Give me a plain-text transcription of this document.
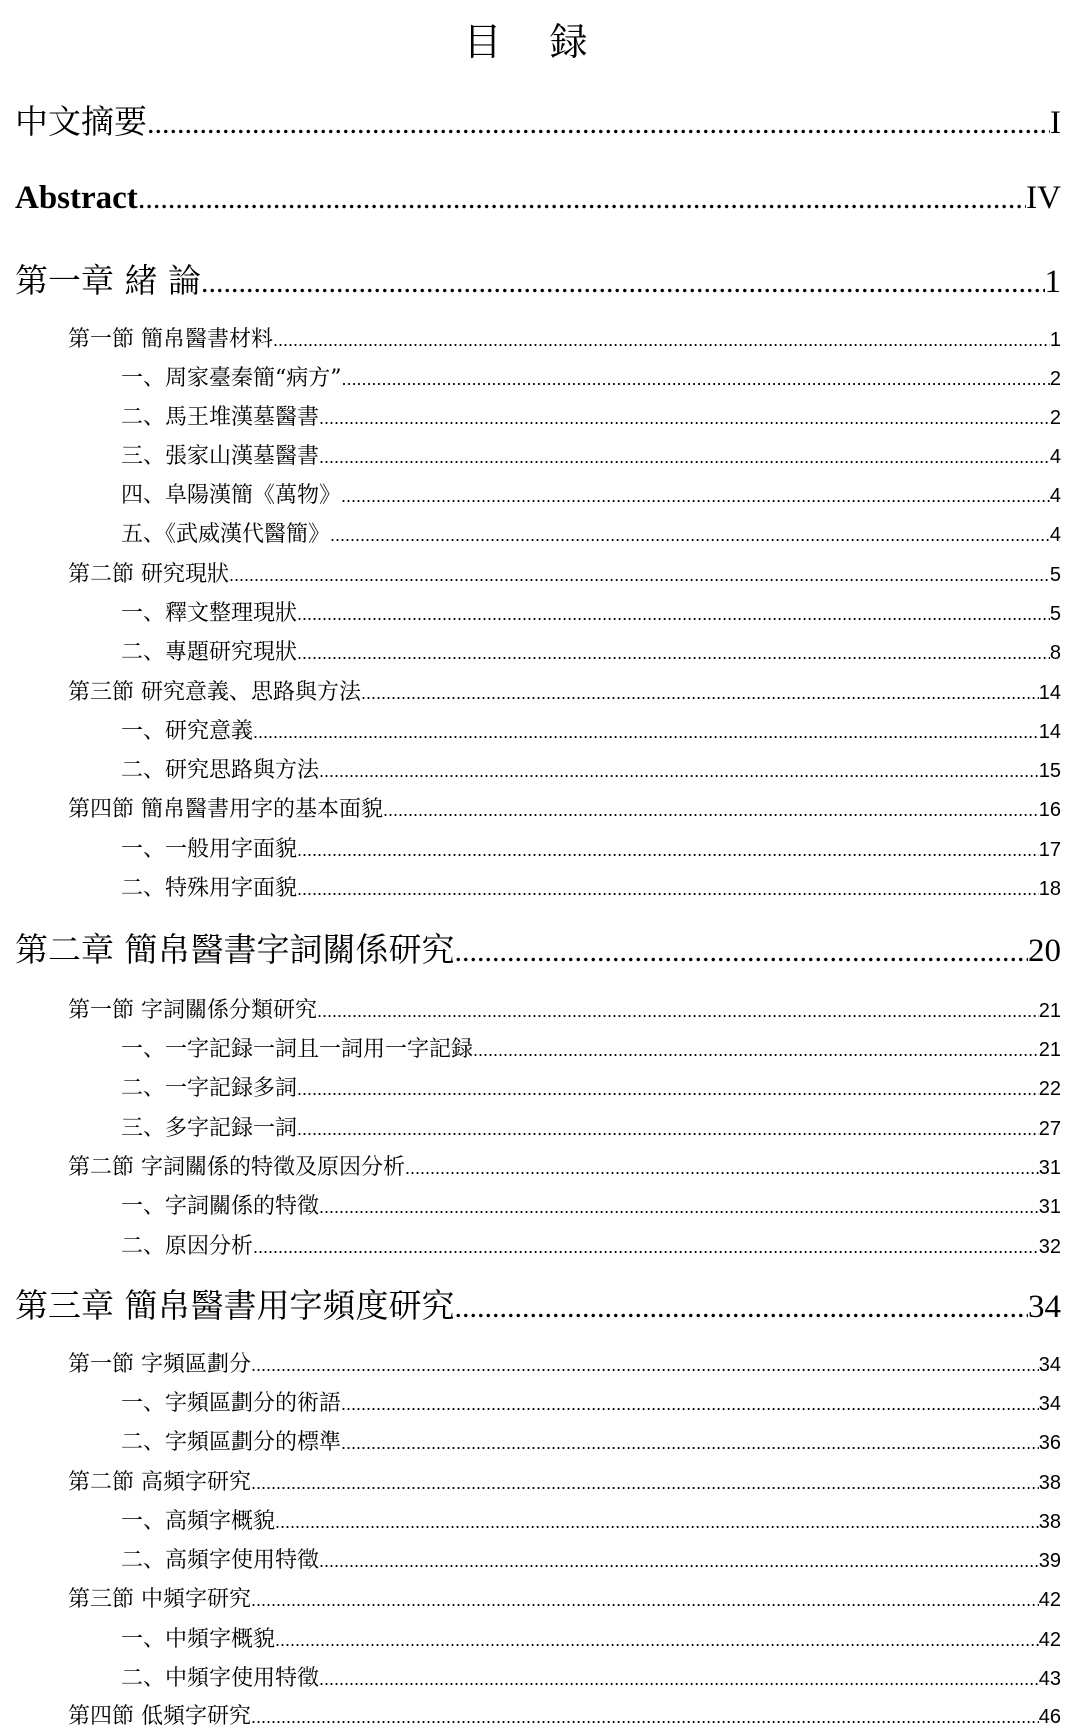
目 録
中文摘要 .....	I
Abstract .....	IV
第一章 緒 論 .....	1
第一節 簡帛醫書材料 .....	1
一、周家臺秦簡“病方” .....	2
二、馬王堆漢墓醫書 .....	2
三、張家山漢墓醫書 .....	4
四、阜陽漢簡《萬物》 .....	4
五、《武威漢代醫簡》 .....	4
第二節 研究現狀 .....	5
一、釋文整理現狀 .....	5
二、專題研究現狀 .....	8
第三節 研究意義、思路與方法 .....	14
一、研究意義 .....	14
二、研究思路與方法 .....	15
第四節 簡帛醫書用字的基本面貌 .....	16
一、一般用字面貌 .....	17
二、特殊用字面貌 .....	18
第二章 簡帛醫書字詞關係研究 .....	20
第一節 字詞關係分類研究 .....	21
一、一字記録一詞且一詞用一字記録 .....	21
二、一字記録多詞 .....	22
三、多字記録一詞 .....	27
第二節 字詞關係的特徵及原因分析 .....	31
一、字詞關係的特徵 .....	31
二、原因分析 .....	32
第三章 簡帛醫書用字頻度研究 .....	34
第一節 字頻區劃分 .....	34
一、字頻區劃分的術語 .....	34
二、字頻區劃分的標準 .....	36
第二節 高頻字研究 .....	38
一、高頻字概貌 .....	38
二、高頻字使用特徵 .....	39
第三節 中頻字研究 .....	42
一、中頻字概貌 .....	42
二、中頻字使用特徵 .....	43
第四節 低頻字研究 .....	46
